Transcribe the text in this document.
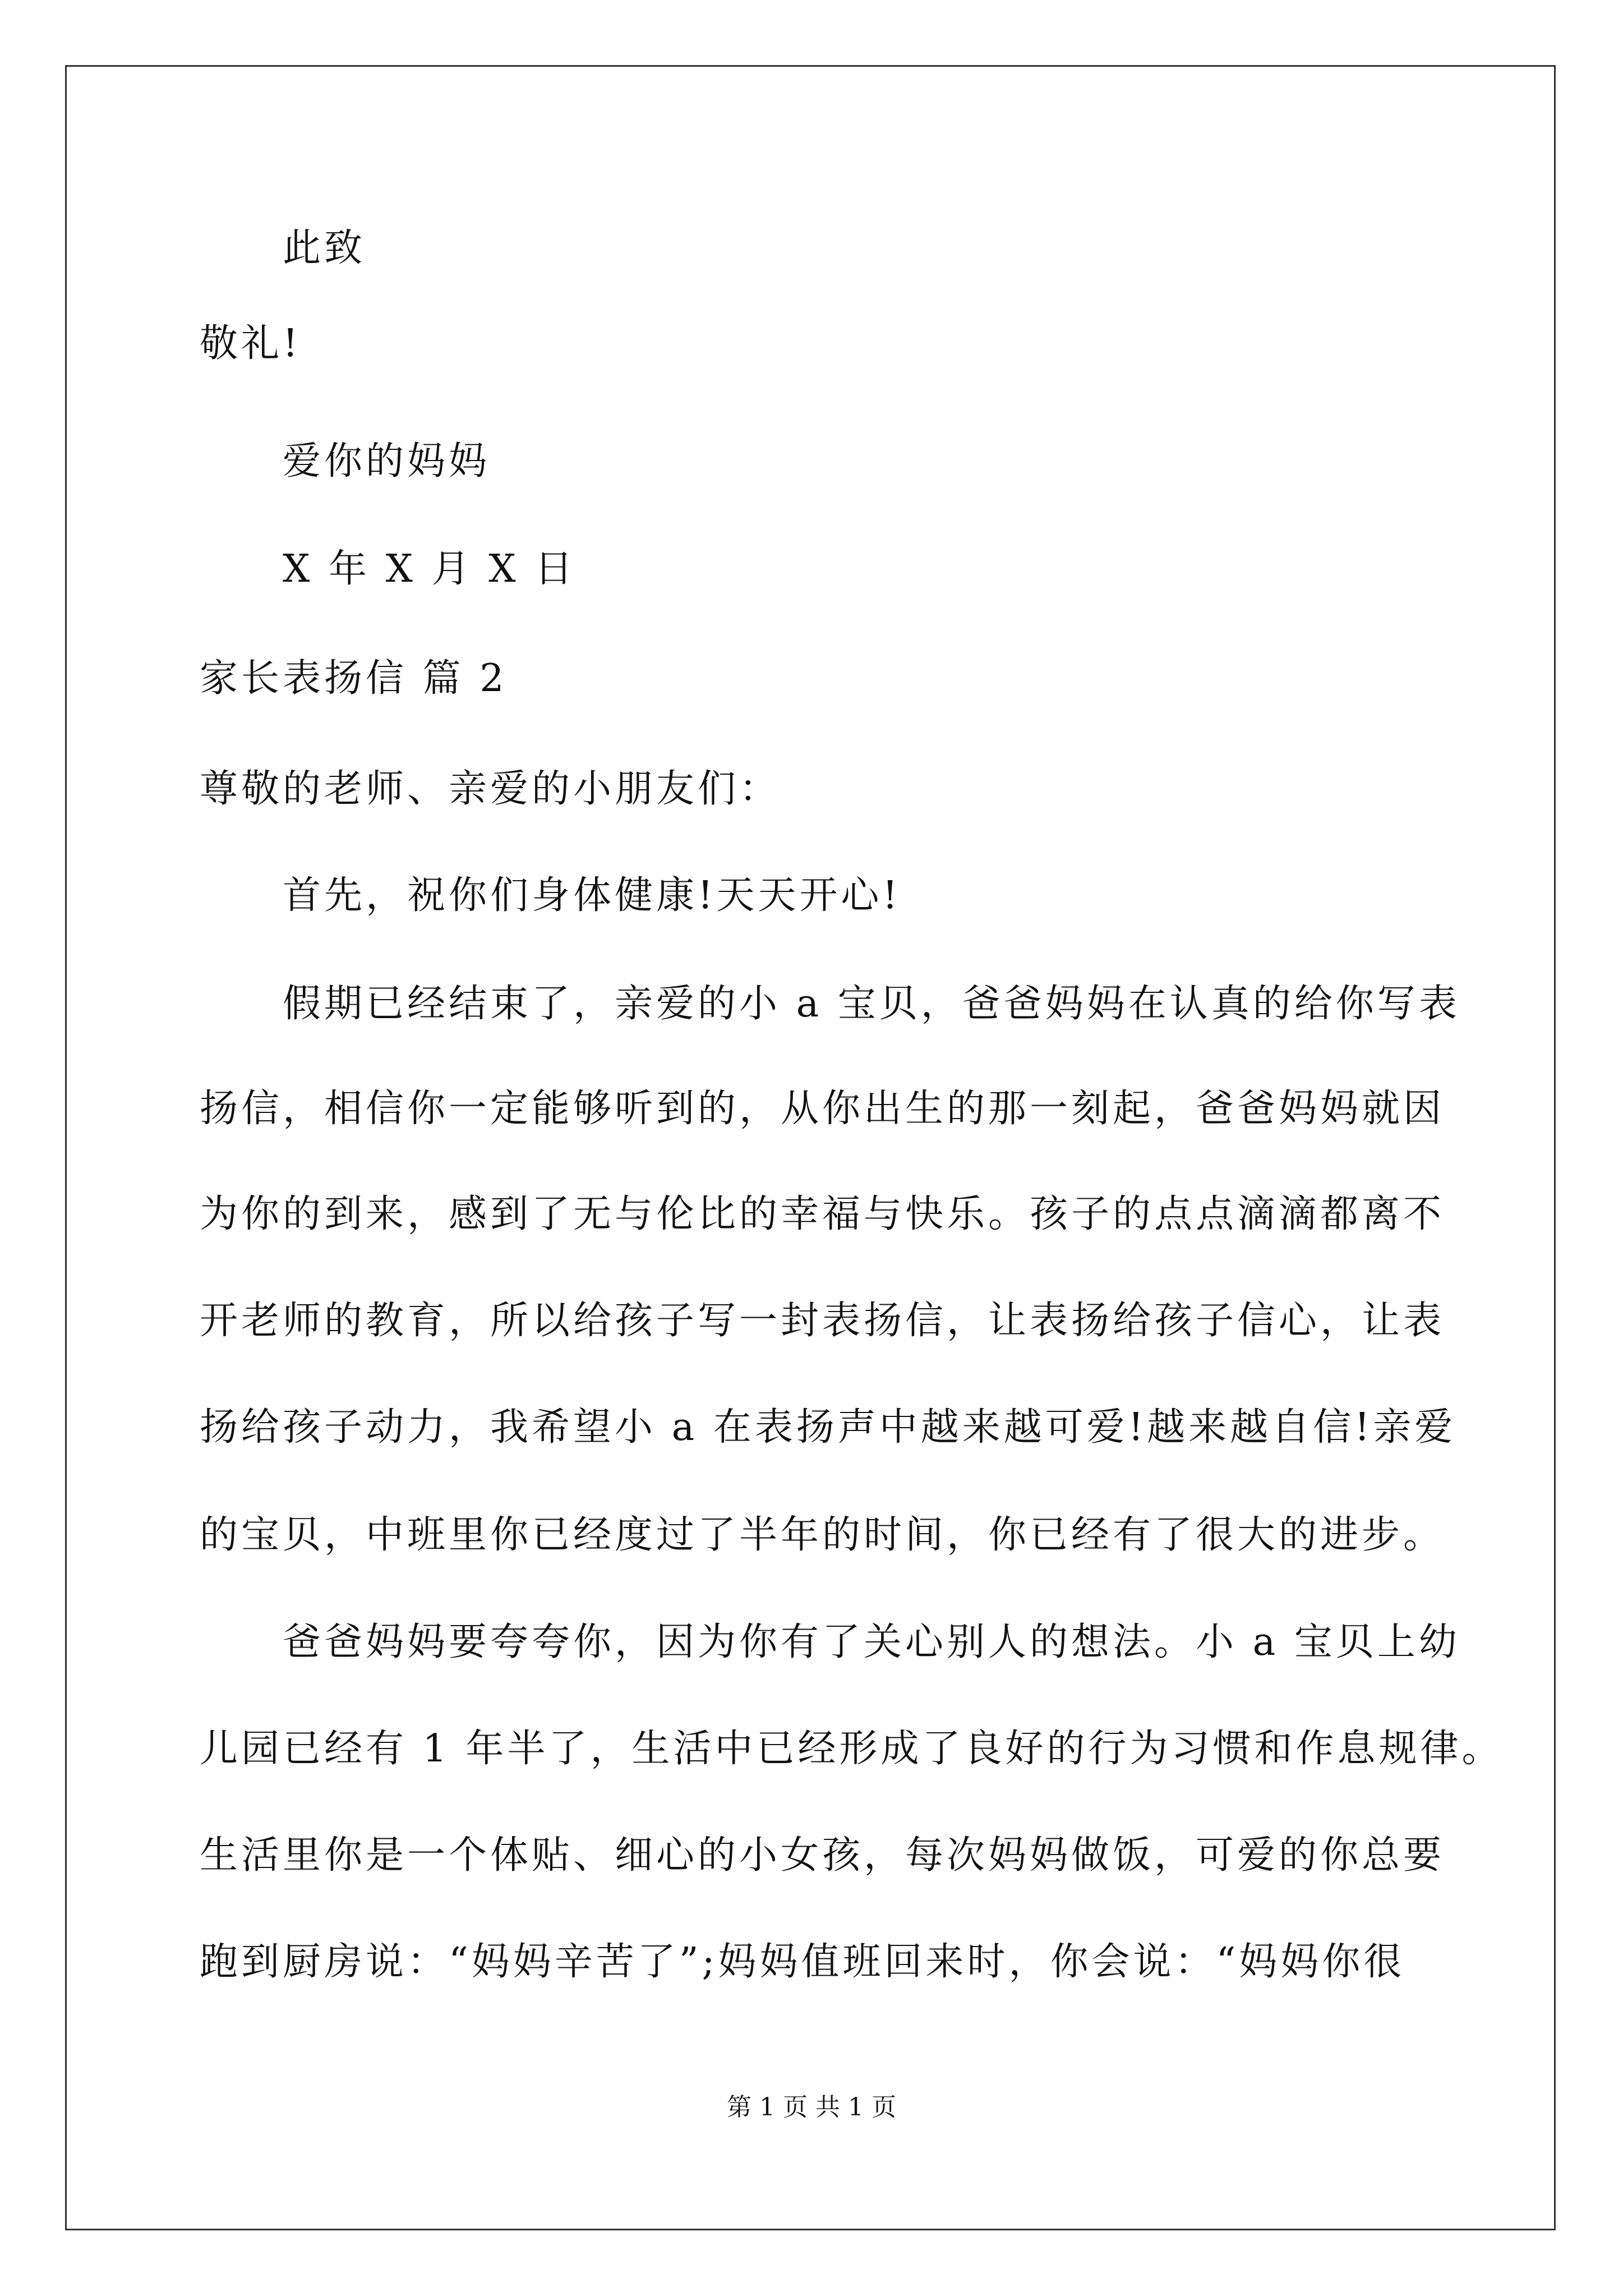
此致
敬礼!
爱你的妈妈
X 年 X 月 X 日
家长表扬信 篇 2
尊敬的老师、亲爱的小朋友们：
首先，祝你们身体健康!天天开心!
假期已经结束了，亲爱的小 a 宝贝，爸爸妈妈在认真的给你写表
扬信，相信你一定能够听到的，从你出生的那一刻起，爸爸妈妈就因
为你的到来，感到了无与伦比的幸福与快乐。孩子的点点滴滴都离不
开老师的教育，所以给孩子写一封表扬信，让表扬给孩子信心，让表
扬给孩子动力，我希望小 a 在表扬声中越来越可爱!越来越自信!亲爱
的宝贝，中班里你已经度过了半年的时间，你已经有了很大的进步。
爸爸妈妈要夸夸你，因为你有了关心别人的想法。小 a 宝贝上幼
儿园已经有 1 年半了，生活中已经形成了良好的行为习惯和作息规律。
生活里你是一个体贴、细心的小女孩，每次妈妈做饭，可爱的你总要
跑到厨房说：“妈妈辛苦了”;妈妈值班回来时，你会说：“妈妈你很
第 1 页 共 1 页
